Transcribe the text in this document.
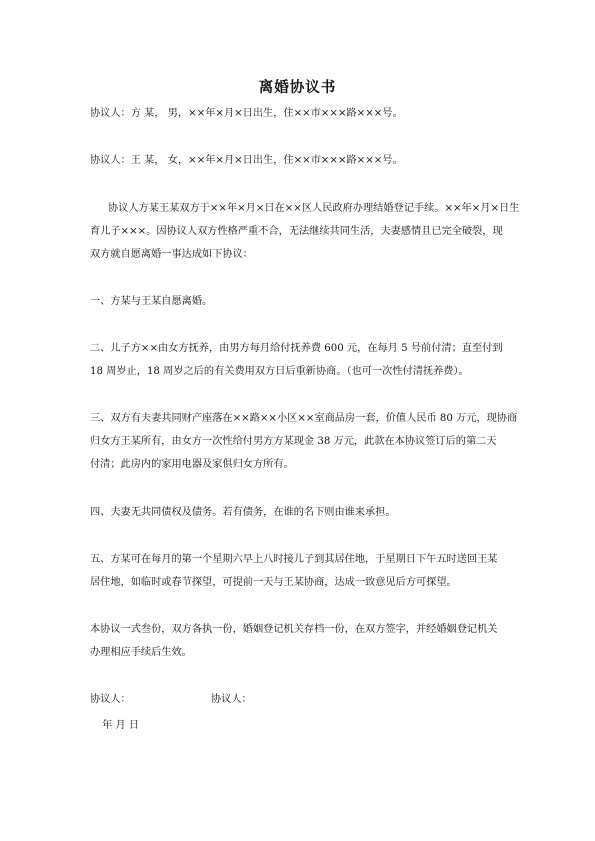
离婚协议书
协议人：方 某， 男，××年×月×日出生，住××市×××路×××号。
协议人：王 某， 女，××年×月×日出生，住××市×××路×××号。
协议人方某王某双方于××年×月×日在××区人民政府办理结婚登记手续。××年×月×日生
育儿子×××。因协议人双方性格严重不合，无法继续共同生活，夫妻感情且已完全破裂，现
双方就自愿离婚一事达成如下协议：
一、方某与王某自愿离婚。
二、儿子方××由女方抚养，由男方每月给付抚养费 600 元，在每月 5 号前付清；直至付到
18 周岁止，18 周岁之后的有关费用双方日后重新协商。（也可一次性付清抚养费）。
三、双方有夫妻共同财产座落在××路××小区××室商品房一套，价值人民币 80 万元，现协商
归女方王某所有，由女方一次性给付男方方某现金 38 万元，此款在本协议签订后的第二天
付清；此房内的家用电器及家俱归女方所有。
四、夫妻无共同债权及债务。若有债务，在谁的名下则由谁来承担。
五、方某可在每月的第一个星期六早上八时接儿子到其居住地，于星期日下午五时送回王某
居住地，如临时或春节探望，可提前一天与王某协商，达成一致意见后方可探望。
本协议一式叁份，双方各执一份，婚姻登记机关存档一份，在双方签字，并经婚姻登记机关
办理相应手续后生效。
协议人：	协议人：
年 月 日
